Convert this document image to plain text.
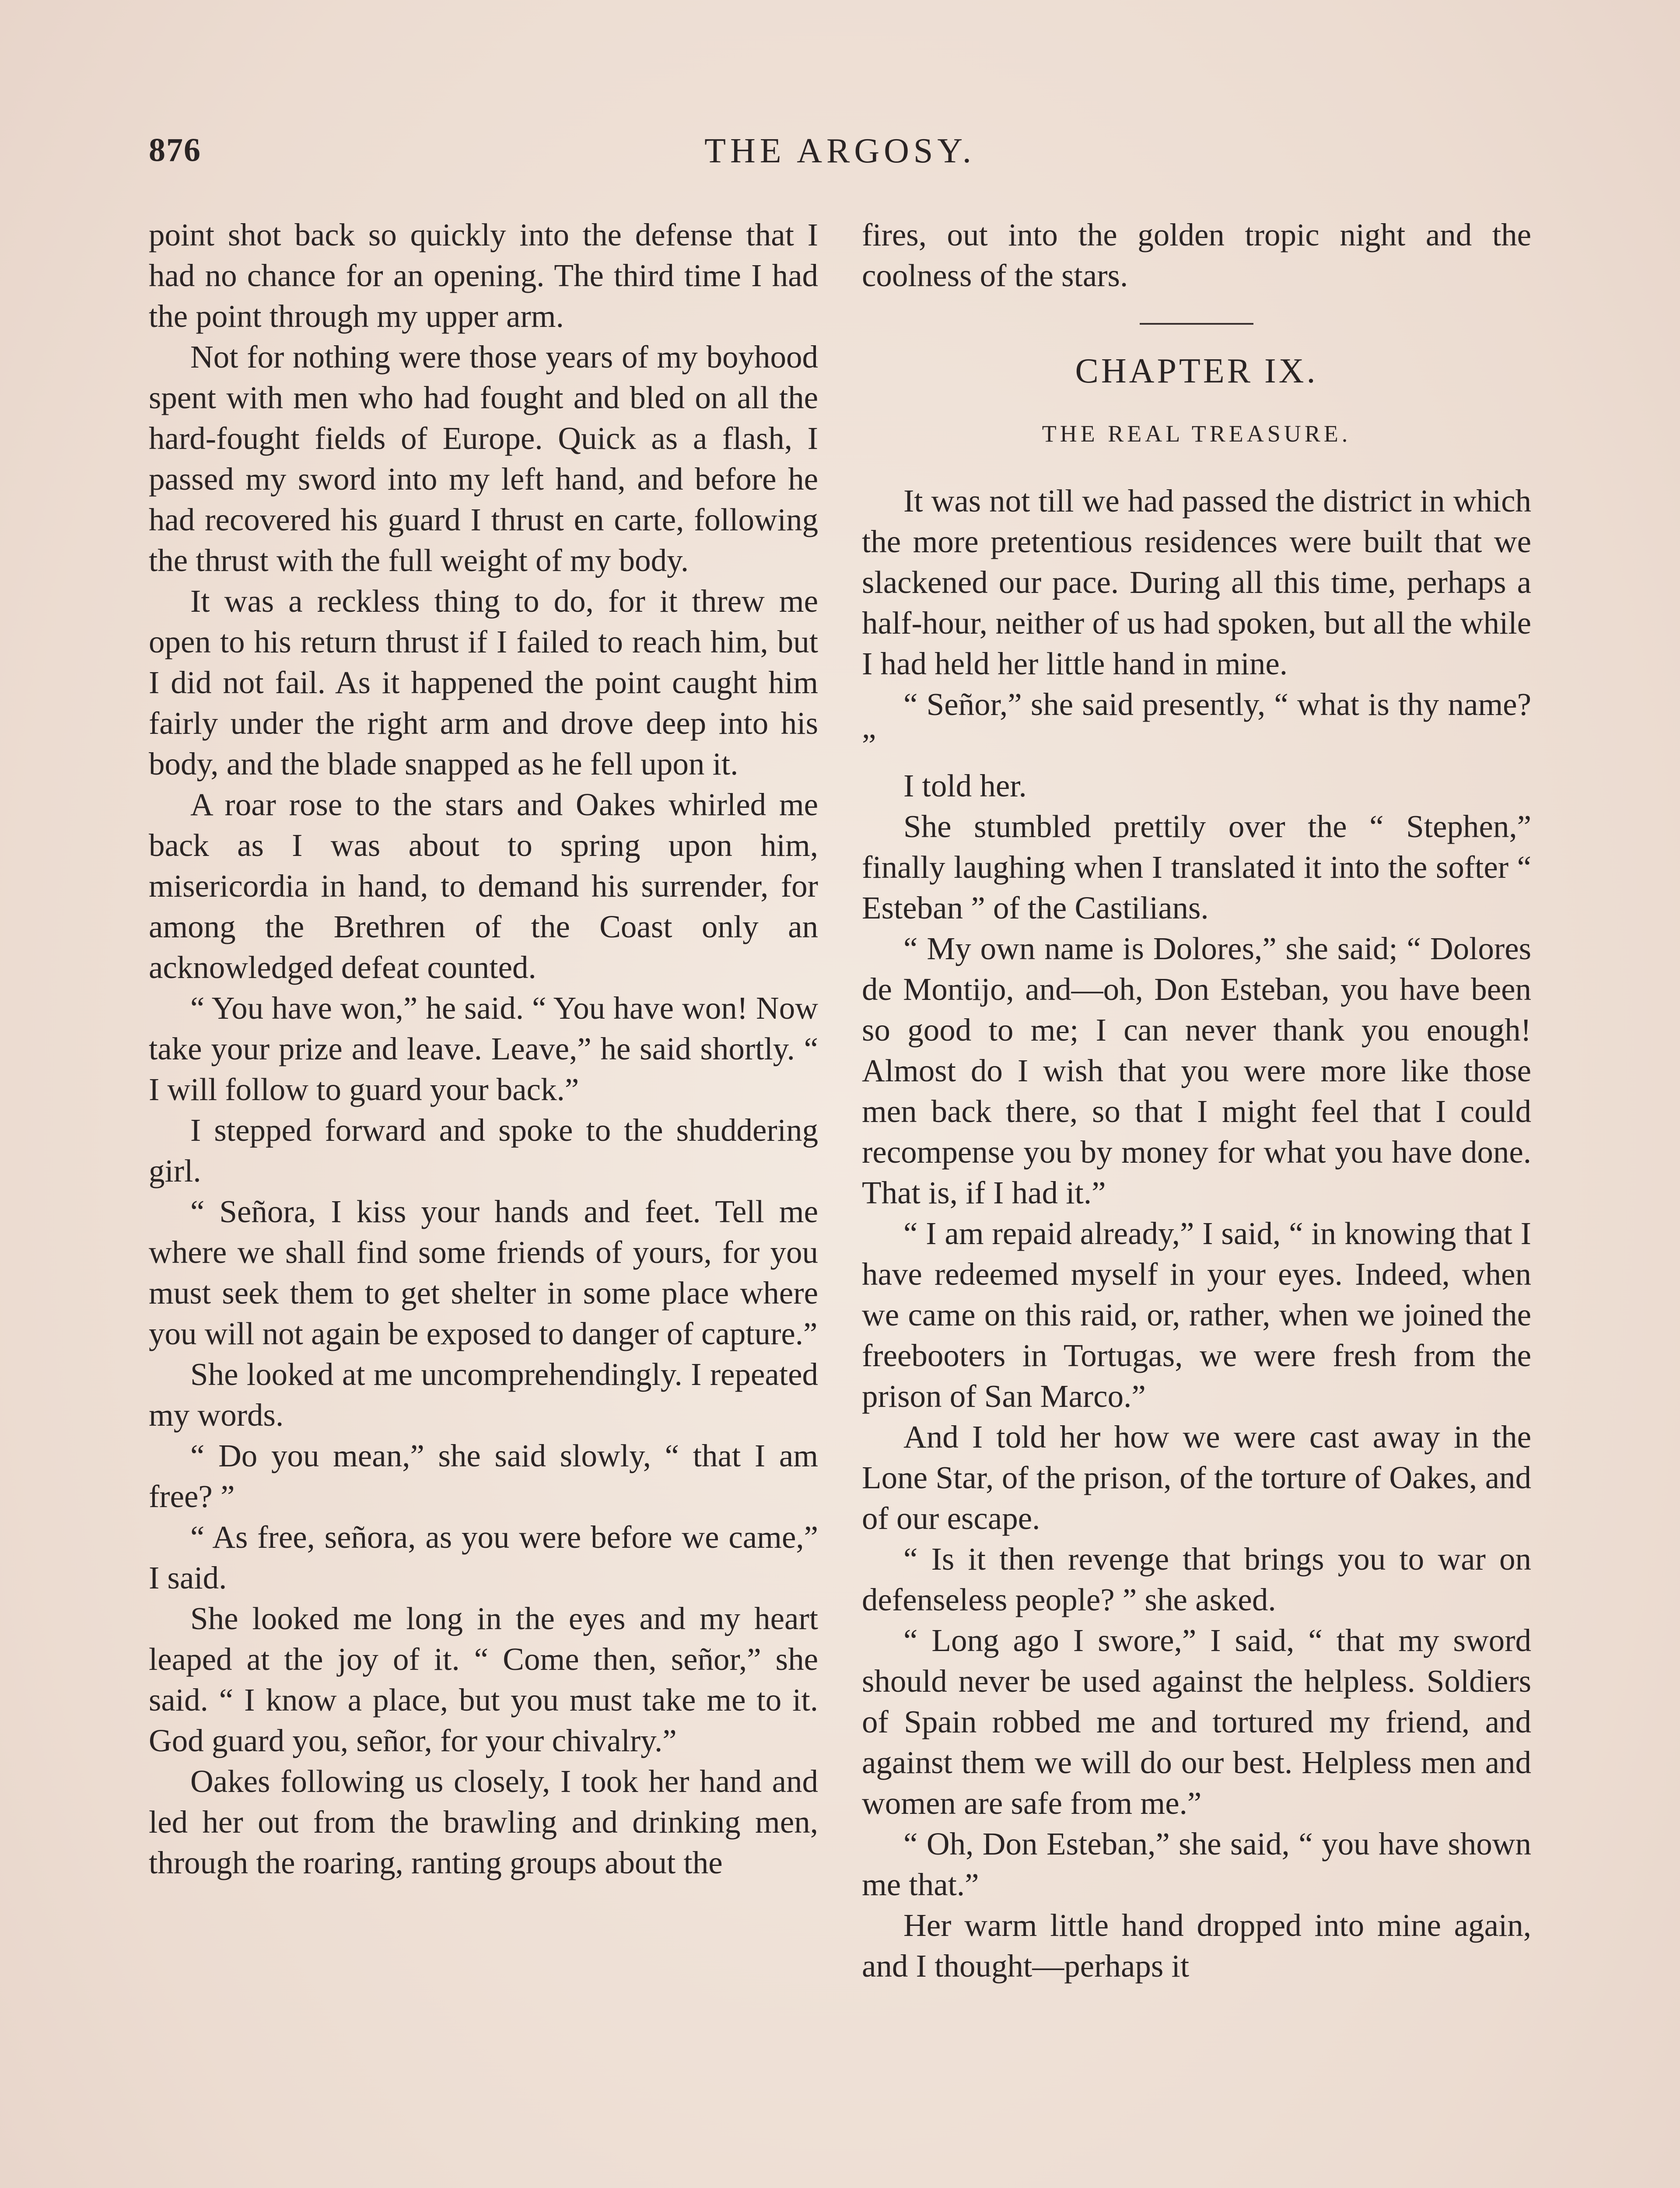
876	THE ARGOSY.

point shot back so quickly into the defense that I had no chance for an opening. The third time I had the point through my upper arm.

Not for nothing were those years of my boyhood spent with men who had fought and bled on all the hard-fought fields of Europe. Quick as a flash, I passed my sword into my left hand, and before he had recovered his guard I thrust en carte, following the thrust with the full weight of my body.

It was a reckless thing to do, for it threw me open to his return thrust if I failed to reach him, but I did not fail. As it happened the point caught him fairly under the right arm and drove deep into his body, and the blade snapped as he fell upon it.

A roar rose to the stars and Oakes whirled me back as I was about to spring upon him, misericordia in hand, to demand his surrender, for among the Brethren of the Coast only an acknowledged defeat counted.

“ You have won,” he said. “ You have won! Now take your prize and leave. Leave,” he said shortly. “ I will follow to guard your back.”

I stepped forward and spoke to the shuddering girl.

“ Señora, I kiss your hands and feet. Tell me where we shall find some friends of yours, for you must seek them to get shelter in some place where you will not again be exposed to danger of capture.”

She looked at me uncomprehendingly. I repeated my words.

“ Do you mean,” she said slowly, “ that I am free? ”

“ As free, señora, as you were before we came,” I said.

She looked me long in the eyes and my heart leaped at the joy of it. “ Come then, señor,” she said. “ I know a place, but you must take me to it. God guard you, señor, for your chivalry.”

Oakes following us closely, I took her hand and led her out from the brawling and drinking men, through the roaring, ranting groups about the

fires, out into the golden tropic night and the coolness of the stars.

CHAPTER IX.
THE REAL TREASURE.

It was not till we had passed the district in which the more pretentious residences were built that we slackened our pace. During all this time, perhaps a half-hour, neither of us had spoken, but all the while I had held her little hand in mine.

“ Señor,” she said presently, “ what is thy name? ”

I told her.

She stumbled prettily over the “ Stephen,” finally laughing when I translated it into the softer “ Esteban ” of the Castilians.

“ My own name is Dolores,” she said; “ Dolores de Montijo, and—oh, Don Esteban, you have been so good to me; I can never thank you enough! Almost do I wish that you were more like those men back there, so that I might feel that I could recompense you by money for what you have done. That is, if I had it.”

“ I am repaid already,” I said, “ in knowing that I have redeemed myself in your eyes. Indeed, when we came on this raid, or, rather, when we joined the freebooters in Tortugas, we were fresh from the prison of San Marco.”

And I told her how we were cast away in the Lone Star, of the prison, of the torture of Oakes, and of our escape.

“ Is it then revenge that brings you to war on defenseless people? ” she asked.

“ Long ago I swore,” I said, “ that my sword should never be used against the helpless. Soldiers of Spain robbed me and tortured my friend, and against them we will do our best. Helpless men and women are safe from me.”

“ Oh, Don Esteban,” she said, “ you have shown me that.”

Her warm little hand dropped into mine again, and I thought—perhaps it
